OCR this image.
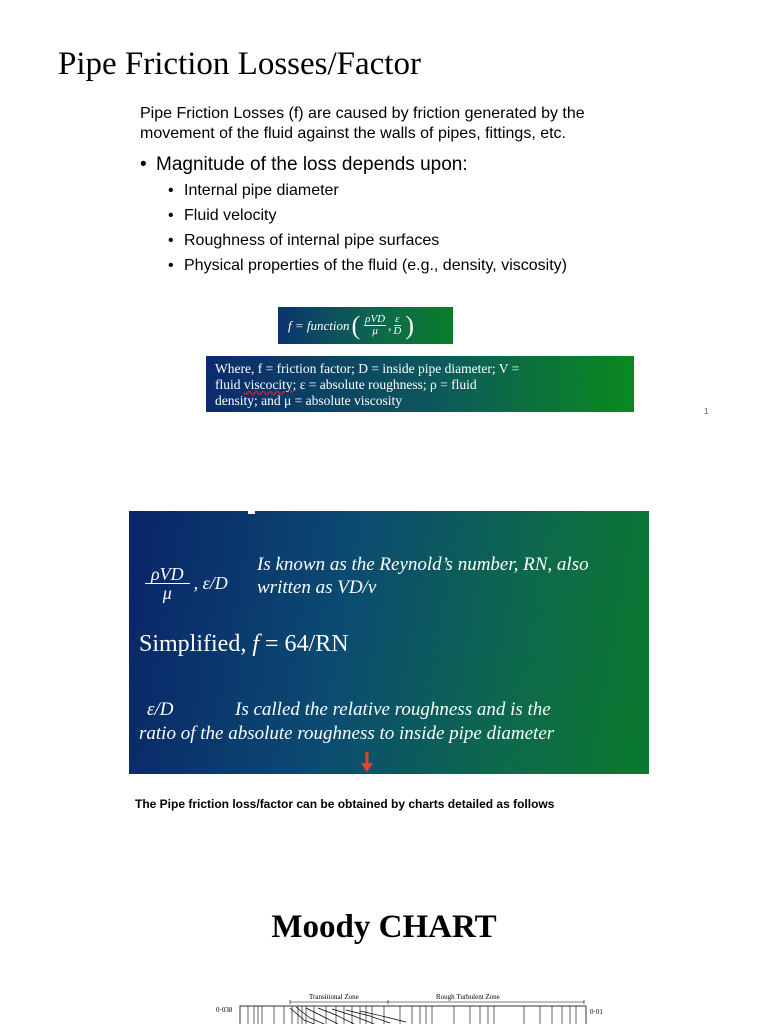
Pipe Friction Losses/Factor
Pipe Friction Losses (f) are caused by friction generated by the movement of the fluid against the walls of pipes, fittings, etc.
• Magnitude of the loss depends upon:
• Internal pipe diameter
• Fluid velocity
• Roughness of internal pipe surfaces
• Physical properties of the fluid (e.g., density, viscosity)
f = function ( $\frac{\text{ρVD}}{\mu}$ , $\frac{\varepsilon}{D}$ )
Where, f = friction factor; D = inside pipe diameter; V =
fluid viscocity; ε = absolute roughness; ρ = fluid
density; and μ = absolute viscosity
1
$\frac{\text{ρVD}}{\mu}$ , ε/D
Is known as the Reynold’s number, RN, also written as VD/v
Simplified, f = 64/RN
ε/D	Is called the relative roughness and is the
ratio of the absolute roughness to inside pipe diameter
The Pipe friction loss/factor can be obtained by charts detailed as follows
Moody CHART
0·038
Transitional Zone	Rough Turbulent Zone
0·01
